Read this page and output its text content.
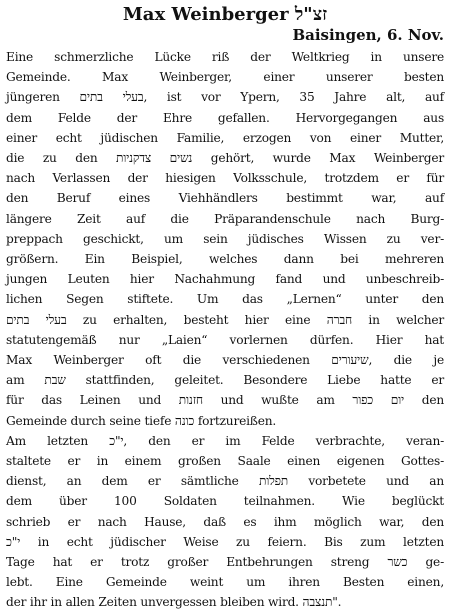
Max Weinberger זצ"ל
Baisingen, 6. Nov.

Eine schmerzliche Lücke riß der Weltkrieg in unsere
Gemeinde. Max Weinberger, einer unserer besten
jüngeren בעלי בתים, ist vor Ypern, 35 Jahre alt, auf
dem Felde der Ehre gefallen. Hervorgegangen aus
einer echt jüdischen Familie, erzogen von einer Mutter,
die zu den נשים צדקניות gehört, wurde Max Weinberger
nach Verlassen der hiesigen Volksschule, trotzdem er für
den Beruf eines Viehhändlers bestimmt war, auf
längere Zeit auf die Präparandenschule nach Burg-
preppach geschickt, um sein jüdisches Wissen zu ver-
größern. Ein Beispiel, welches dann bei mehreren
jungen Leuten hier Nachahmung fand und unbeschreib-
lichen Segen stiftete. Um das „Lernen“ unter den
בעלי בתים zu erhalten, besteht hier eine חברה in welcher
statutengemäß nur „Laien“ vorlernen dürfen. Hier hat
Max Weinberger oft die verschiedenen שיעורים, die je
am שבת stattfinden, geleitet. Besondere Liebe hatte er
für das Leinen und חזנות und wußte am יום כפור den
Gemeinde durch seine tiefe כונה fortzureißen.

Am letzten י"כ, den er im Felde verbrachte, veran-
staltete er in einem großen Saale einen eigenen Gottes-
dienst, an dem er sämtliche תפלות vorbetete und an
dem über 100 Soldaten teilnahmen. Wie beglückt
schrieb er nach Hause, daß es ihm möglich war, den
י"כ in echt jüdischer Weise zu feiern. Bis zum letzten
Tage hat er trotz großer Entbehrungen streng כשר ge-
lebt. Eine Gemeinde weint um ihren Besten einen,
der ihr in allen Zeiten unvergessen bleiben wird. תנצבה".
